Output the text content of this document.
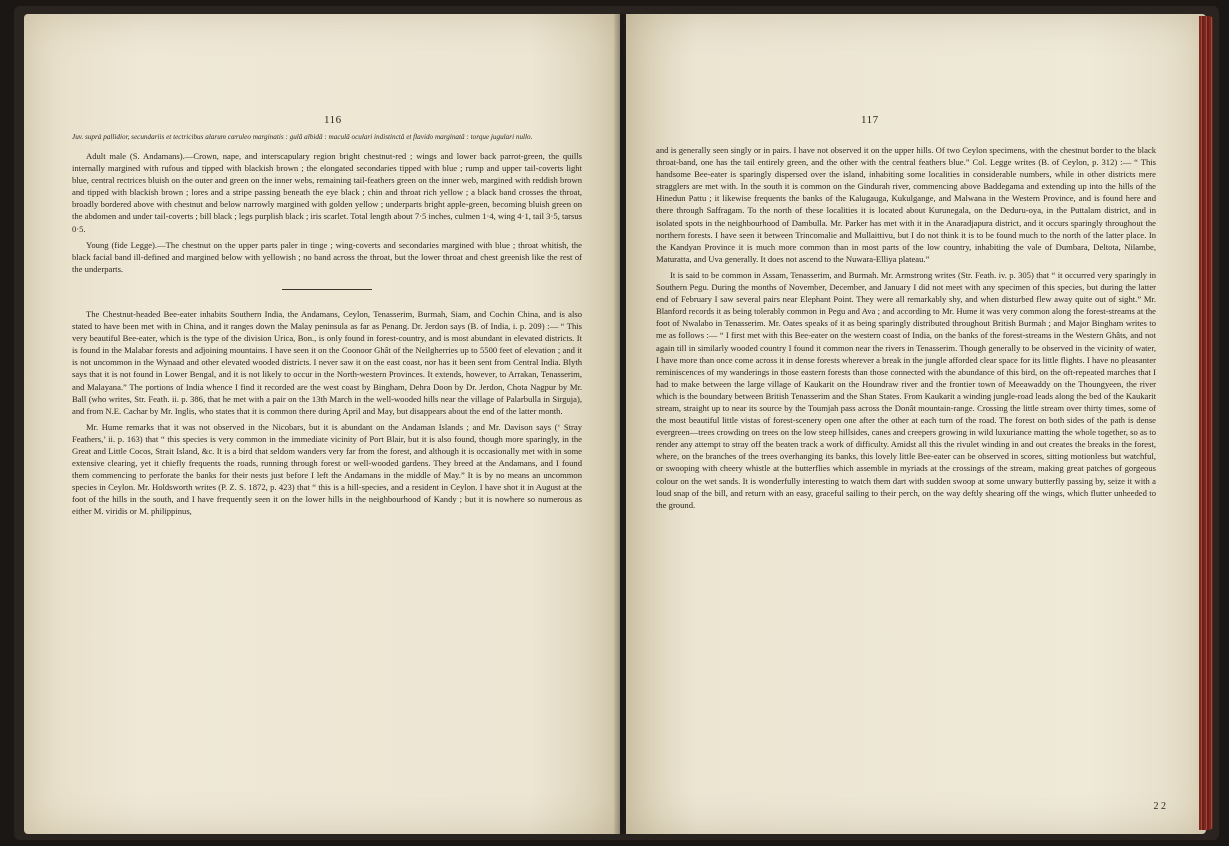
116

Juv. suprà pallidior, secundariis et tectricibus alarum cæruleo marginatis : gulâ albidâ : maculâ oculari indistinctâ et flavido marginatâ : torque jugulari nullo.

Adult male (S. Andamans).—Crown, nape, and interscapulary region bright chestnut-red ; wings and lower back parrot-green, the quills internally margined with rufous and tipped with blackish brown ; the elongated secondaries tipped with blue ; rump and upper tail-coverts light blue, central rectrices bluish on the outer and green on the inner webs, remaining tail-feathers green on the inner web, margined with reddish brown and tipped with blackish brown ; lores and a stripe passing beneath the eye black ; chin and throat rich yellow ; a black band crosses the throat, broadly bordered above with chestnut and below narrowly margined with golden yellow ; underparts bright apple-green, becoming bluish green on the abdomen and under tail-coverts ; bill black ; legs purplish black ; iris scarlet. Total length about 7·5 inches, culmen 1·4, wing 4·1, tail 3·5, tarsus 0·5.

Young (fide Legge).—The chestnut on the upper parts paler in tinge ; wing-coverts and secondaries margined with blue ; throat whitish, the black facial band ill-defined and margined below with yellowish ; no band across the throat, but the lower throat and chest greenish like the rest of the underparts.

The Chestnut-headed Bee-eater inhabits Southern India, the Andamans, Ceylon, Tenasserim, Burmah, Siam, and Cochin China, and is also stated to have been met with in China, and it ranges down the Malay peninsula as far as Penang. Dr. Jerdon says (B. of India, i. p. 209) :— “ This very beautiful Bee-eater, which is the type of the division Urica, Bon., is only found in forest-country, and is most abundant in elevated districts. It is found in the Malabar forests and adjoining mountains. I have seen it on the Coonoor Ghât of the Neilgherries up to 5500 feet of elevation ; and it is not uncommon in the Wynaad and other elevated wooded districts. I never saw it on the east coast, nor has it been sent from Central India. Blyth says that it is not found in Lower Bengal, and it is not likely to occur in the North-western Provinces. It extends, however, to Arrakan, Tenasserim, and Malayana.” The portions of India whence I find it recorded are the west coast by Bingham, Dehra Doon by Dr. Jerdon, Chota Nagpur by Mr. Ball (who writes, Str. Feath. ii. p. 386, that he met with a pair on the 13th March in the well-wooded hills near the village of Palarbulla in Sirguja), and from N.E. Cachar by Mr. Inglis, who states that it is common there during April and May, but disappears about the end of the latter month.

Mr. Hume remarks that it was not observed in the Nicobars, but it is abundant on the Andaman Islands ; and Mr. Davison says (‘ Stray Feathers,’ ii. p. 163) that “ this species is very common in the immediate vicinity of Port Blair, but it is also found, though more sparingly, in the Great and Little Cocos, Strait Island, &c. It is a bird that seldom wanders very far from the forest, and although it is occasionally met with in some extensive clearing, yet it chiefly frequents the roads, running through forest or well-wooded gardens. They breed at the Andamans, and I found them commencing to perforate the banks for their nests just before I left the Andamans in the middle of May.” It is by no means an uncommon species in Ceylon. Mr. Holdsworth writes (P. Z. S. 1872, p. 423) that “ this is a hill-species, and a resident in Ceylon. I have shot it in August at the foot of the hills in the south, and I have frequently seen it on the lower hills in the neighbourhood of Kandy ; but it is nowhere so numerous as either M. viridis or M. philippinus,

117

and is generally seen singly or in pairs. I have not observed it on the upper hills. Of two Ceylon specimens, with the chestnut border to the black throat-band, one has the tail entirely green, and the other with the central feathers blue.” Col. Legge writes (B. of Ceylon, p. 312) :— “ This handsome Bee-eater is sparingly dispersed over the island, inhabiting some localities in considerable numbers, while in other districts mere stragglers are met with. In the south it is common on the Gindurah river, commencing above Baddegama and extending up into the hills of the Hinedun Pattu ; it likewise frequents the banks of the Kalugauga, Kukulgange, and Malwana in the Western Province, and is found here and there through Saffragam. To the north of these localities it is located about Kurunegala, on the Deduru-oya, in the Puttalam district, and in isolated spots in the neighbourhood of Dambulla. Mr. Parker has met with it in the Anaradjapura district, and it occurs sparingly throughout the northern forests. I have seen it between Trincomalie and Mullaittivu, but I do not think it is to be found much to the north of the latter place. In the Kandyan Province it is much more common than in most parts of the low country, inhabiting the vale of Dumbara, Deltota, Nilambe, Maturatta, and Uva generally. It does not ascend to the Nuwara-Elliya plateau.”

It is said to be common in Assam, Tenasserim, and Burmah. Mr. Armstrong writes (Str. Feath. iv. p. 305) that “ it occurred very sparingly in Southern Pegu. During the months of November, December, and January I did not meet with any specimen of this species, but during the latter end of February I saw several pairs near Elephant Point. They were all remarkably shy, and when disturbed flew away quite out of sight.” Mr. Blanford records it as being tolerably common in Pegu and Ava ; and according to Mr. Hume it was very common along the forest-streams at the foot of Nwalabo in Tenasserim. Mr. Oates speaks of it as being sparingly distributed throughout British Burmah ; and Major Bingham writes to me as follows :— “ I first met with this Bee-eater on the western coast of India, on the banks of the forest-streams in the Western Ghâts, and not again till in similarly wooded country I found it common near the rivers in Tenasserim. Though generally to be observed in the vicinity of water, I have more than once come across it in dense forests wherever a break in the jungle afforded clear space for its little flights. I have no pleasanter reminiscences of my wanderings in those eastern forests than those connected with the abundance of this bird, on the oft-repeated marches that I had to make between the large village of Kaukarit on the Houndraw river and the frontier town of Meeawaddy on the Thoungyeen, the river which is the boundary between British Tenasserim and the Shan States. From Kaukarit a winding jungle-road leads along the bed of the Kaukarit stream, straight up to near its source by the Toumjah pass across the Donât mountain-range. Crossing the little stream over thirty times, some of the most beautiful little vistas of forest-scenery open one after the other at each turn of the road. The forest on both sides of the path is dense evergreen—trees crowding on trees on the low steep hillsides, canes and creepers growing in wild luxuriance matting the whole together, so as to render any attempt to stray off the beaten track a work of difficulty. Amidst all this the rivulet winding in and out creates the breaks in the forest, where, on the branches of the trees overhanging its banks, this lovely little Bee-eater can be observed in scores, sitting motionless but watchful, or swooping with cheery whistle at the butterflies which assemble in myriads at the crossings of the stream, making great patches of gorgeous colour on the wet sands. It is wonderfully interesting to watch them dart with sudden swoop at some unwary butterfly passing by, seize it with a loud snap of the bill, and return with an easy, graceful sailing to their perch, on the way deftly shearing off the wings, which flutter unheeded to the ground.

2 2
